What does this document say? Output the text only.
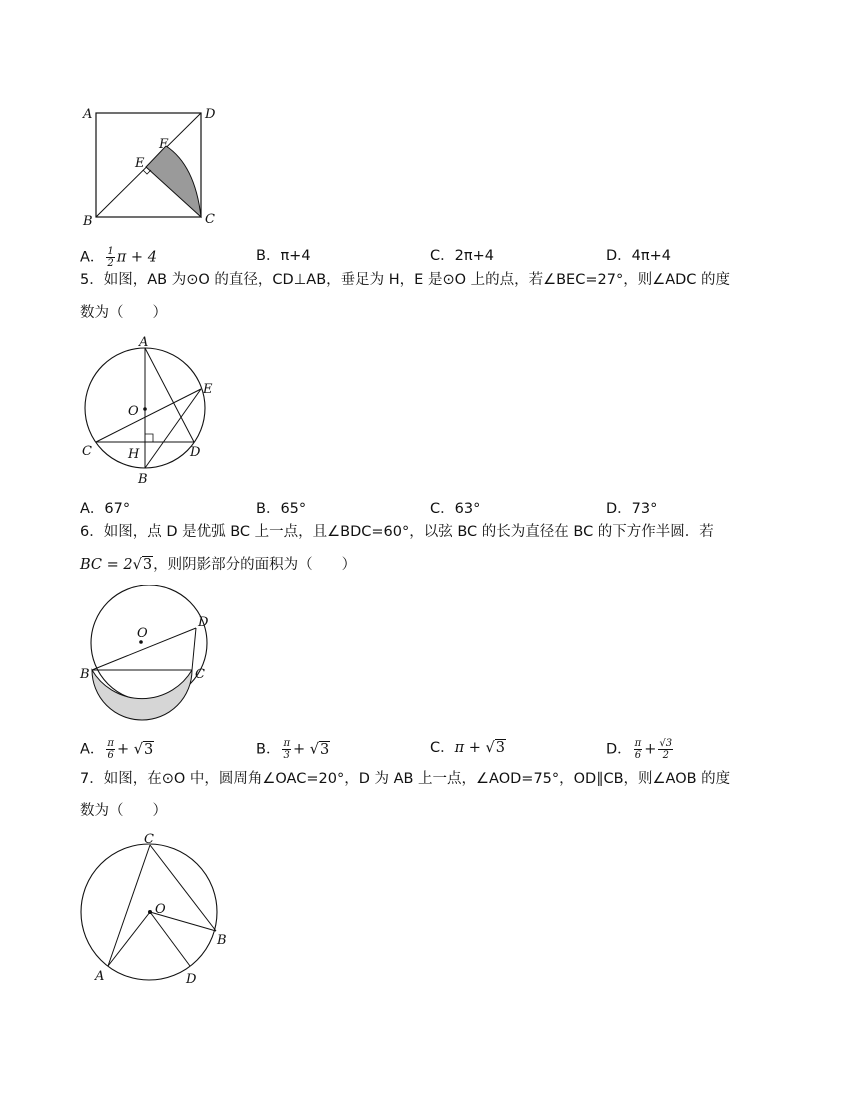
A	D
B	C
E
F
A． $\frac{1}{2}$ π + 4	B．π+4	C．2π+4	D．4π+4
5．如图，AB 为⊙O 的直径，CD⊥AB，垂足为 H，E 是⊙O 上的点，若∠BEC=27°，则∠ADC 的度
数为（　　）
A
O
E
C	H	D
B
A．67°	B．65°	C．63°	D．73°
6．如图，点 D 是优弧 BC 上一点，且∠BDC=60°，以弦 BC 的长为直径在 BC 的下方作半圆．若
BC = 2√3，则阴影部分的面积为（　　）
O
D
B	C
A． $\frac{\pi}{6} + √3$	B． $\frac{\pi}{3} + √3$	C．π + √3	D． $\frac{\pi}{6} + \frac{√3}{2}$
7．如图，在⊙O 中，圆周角∠OAC=20°，D 为 AB 上一点，∠AOD=75°，OD∥CB，则∠AOB 的度
数为（　　）
C
O
B
A	D
